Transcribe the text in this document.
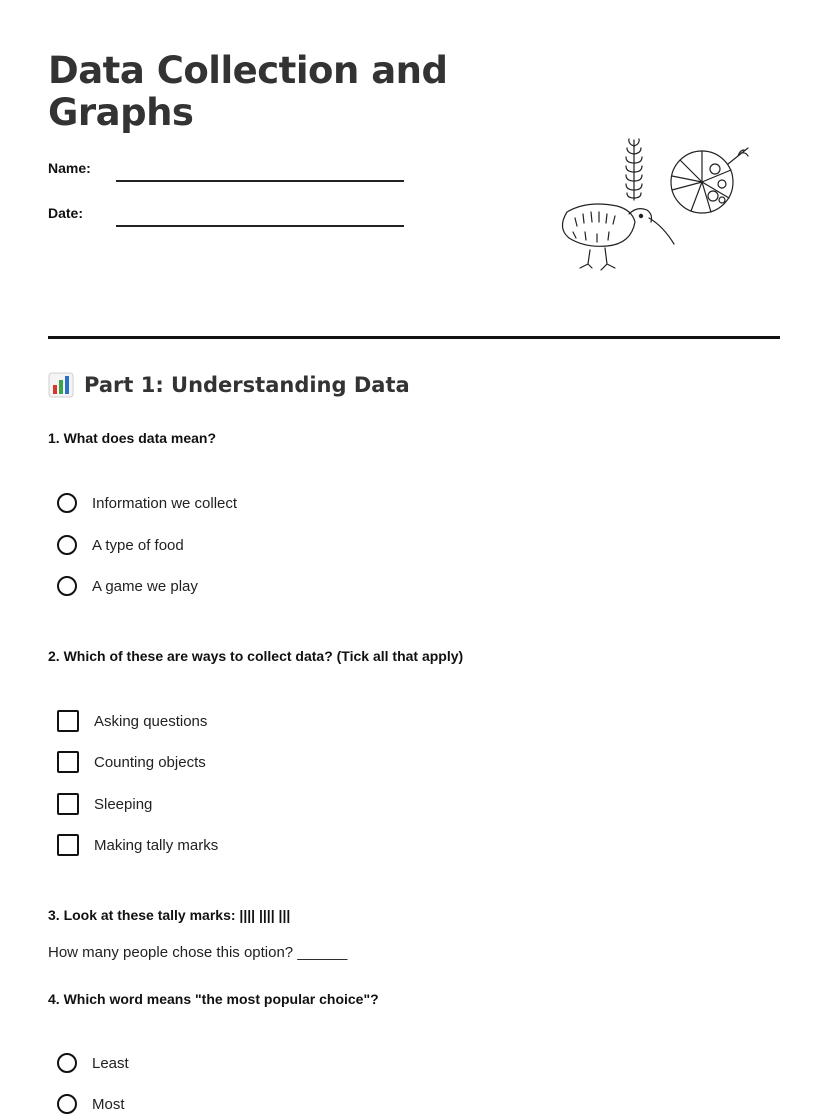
Data Collection and Graphs
Name:
Date:
Part 1: Understanding Data

1. What does data mean?

Information we collect
A type of food
A game we play

2. Which of these are ways to collect data? (Tick all that apply)

Asking questions
Counting objects
Sleeping
Making tally marks

3. Look at these tally marks: |||| |||| |||

How many people chose this option? ______

4. Which word means "the most popular choice"?

Least
Most
